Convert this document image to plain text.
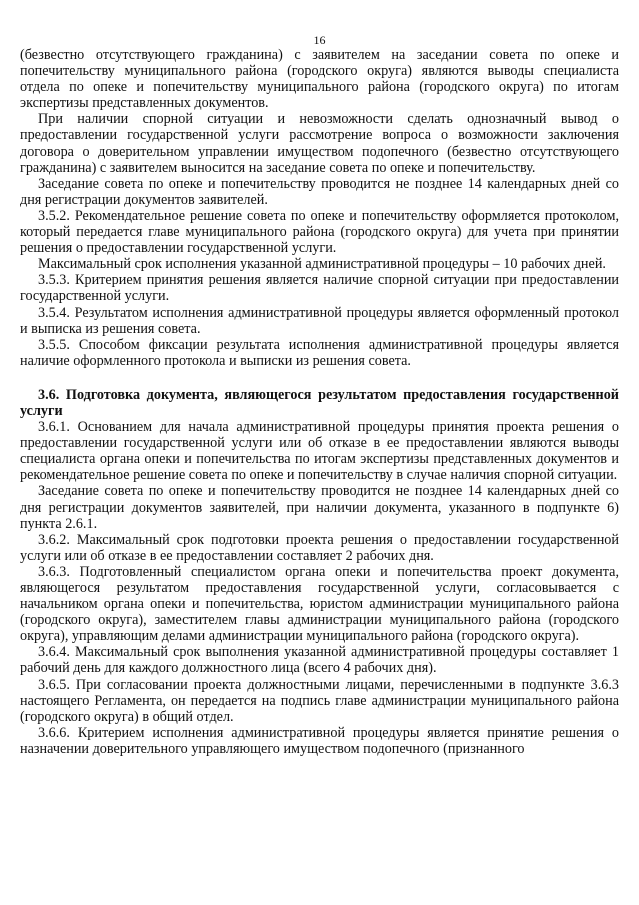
16

(безвестно отсутствующего гражданина) с заявителем на заседании совета по опеке и попечительству муниципального района (городского округа) являются выводы специалиста отдела по опеке и попечительству муниципального района (городского округа) по итогам экспертизы представленных документов.

При наличии спорной ситуации и невозможности сделать однозначный вывод о предоставлении государственной услуги рассмотрение вопроса о возможности заключения договора о доверительном управлении имуществом подопечного (безвестно отсутствующего гражданина) с заявителем выносится на заседание совета по опеке и попечительству.

Заседание совета по опеке и попечительству проводится не позднее 14 календарных дней со дня регистрации документов заявителей.

3.5.2. Рекомендательное решение совета по опеке и попечительству оформляется протоколом, который передается главе муниципального района (городского округа) для учета при принятии решения о предоставлении государственной услуги.

Максимальный срок исполнения указанной административной процедуры – 10 рабочих дней.

3.5.3. Критерием принятия решения является наличие спорной ситуации при предоставлении государственной услуги.

3.5.4. Результатом исполнения административной процедуры является оформленный протокол и выписка из решения совета.

3.5.5. Способом фиксации результата исполнения административной процедуры является наличие оформленного протокола и выписки из решения совета.

3.6. Подготовка документа, являющегося результатом предоставления государственной услуги

3.6.1. Основанием для начала административной процедуры принятия проекта решения о предоставлении государственной услуги или об отказе в ее предоставлении являются выводы специалиста органа опеки и попечительства по итогам экспертизы представленных документов и рекомендательное решение совета по опеке и попечительству в случае наличия спорной ситуации.

Заседание совета по опеке и попечительству проводится не позднее 14 календарных дней со дня регистрации документов заявителей, при наличии документа, указанного в подпункте 6) пункта 2.6.1.

3.6.2. Максимальный срок подготовки проекта решения о предоставлении государственной услуги или об отказе в ее предоставлении составляет 2 рабочих дня.

3.6.3. Подготовленный специалистом органа опеки и попечительства проект документа, являющегося результатом предоставления государственной услуги, согласовывается с начальником органа опеки и попечительства, юристом администрации муниципального района (городского округа), заместителем главы администрации муниципального района (городского округа), управляющим делами администрации муниципального района (городского округа).

3.6.4. Максимальный срок выполнения указанной административной процедуры составляет 1 рабочий день для каждого должностного лица (всего 4 рабочих дня).

3.6.5. При согласовании проекта должностными лицами, перечисленными в подпункте 3.6.3 настоящего Регламента, он передается на подпись главе администрации муниципального района (городского округа) в общий отдел.

3.6.6. Критерием исполнения административной процедуры является принятие решения о назначении доверительного управляющего имуществом подопечного (признанного
